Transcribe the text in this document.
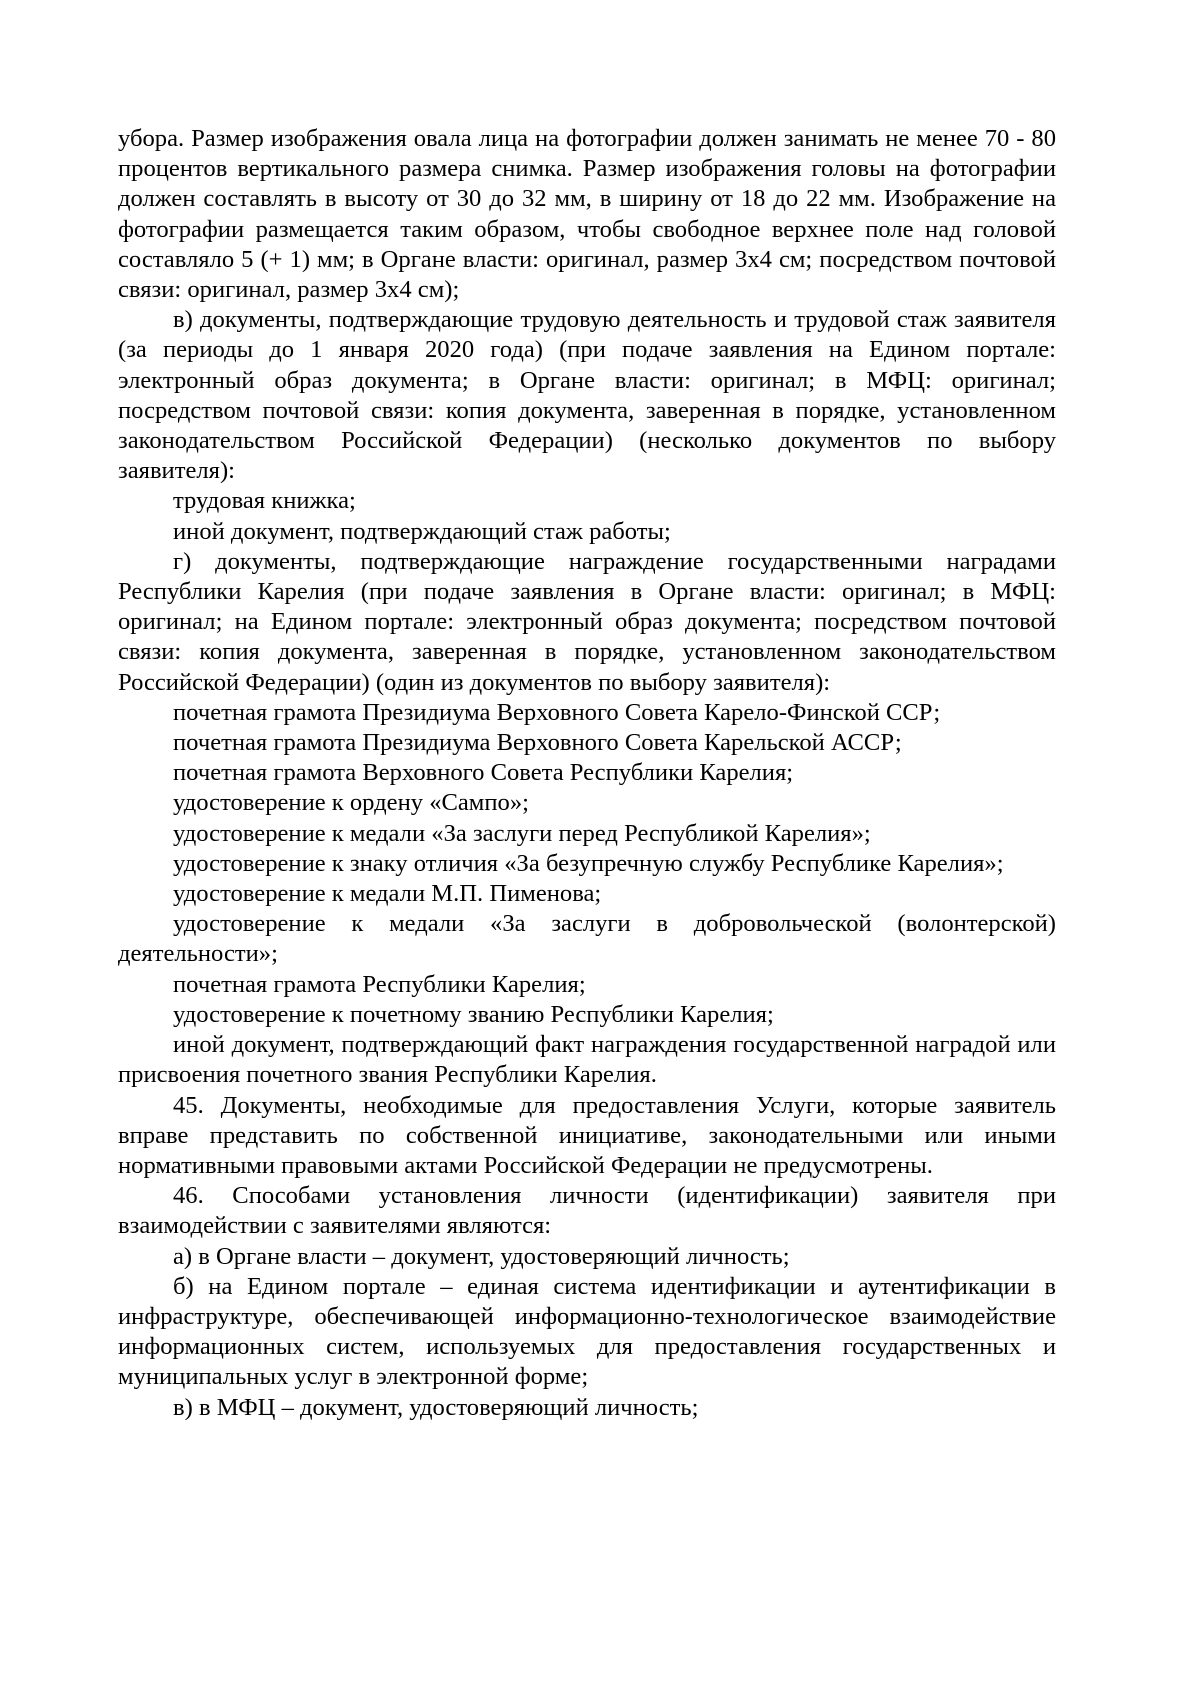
убора. Размер изображения овала лица на фотографии должен занимать не менее 70 - 80 процентов вертикального размера снимка. Размер изображения головы на фотографии должен составлять в высоту от 30 до 32 мм, в ширину от 18 до 22 мм. Изображение на фотографии размещается таким образом, чтобы свободное верхнее поле над головой составляло 5 (+ 1) мм; в Органе власти: оригинал, размер 3х4 см; посредством почтовой связи: оригинал, размер 3х4 см);

в) документы, подтверждающие трудовую деятельность и трудовой стаж заявителя (за периоды до 1 января 2020 года) (при подаче заявления на Едином портале: электронный образ документа; в Органе власти: оригинал; в МФЦ: оригинал; посредством почтовой связи: копия документа, заверенная в порядке, установленном законодательством Российской Федерации) (несколько документов по выбору заявителя):

трудовая книжка;

иной документ, подтверждающий стаж работы;

г) документы, подтверждающие награждение государственными наградами Республики Карелия (при подаче заявления в Органе власти: оригинал; в МФЦ: оригинал; на Едином портале: электронный образ документа; посредством почтовой связи: копия документа, заверенная в порядке, установленном законодательством Российской Федерации) (один из документов по выбору заявителя):

почетная грамота Президиума Верховного Совета Карело-Финской ССР;

почетная грамота Президиума Верховного Совета Карельской АССР;

почетная грамота Верховного Совета Республики Карелия;

удостоверение к ордену «Сампо»;

удостоверение к медали «За заслуги перед Республикой Карелия»;

удостоверение к знаку отличия «За безупречную службу Республике Карелия»;

удостоверение к медали М.П. Пименова;

удостоверение к медали «За заслуги в добровольческой (волонтерской) деятельности»;

почетная грамота Республики Карелия;

удостоверение к почетному званию Республики Карелия;

иной документ, подтверждающий факт награждения государственной наградой или присвоения почетного звания Республики Карелия.

45. Документы, необходимые для предоставления Услуги, которые заявитель вправе представить по собственной инициативе, законодательными или иными нормативными правовыми актами Российской Федерации не предусмотрены.

46. Способами установления личности (идентификации) заявителя при взаимодействии с заявителями являются:

а) в Органе власти – документ, удостоверяющий личность;

б) на Едином портале – единая система идентификации и аутентификации в инфраструктуре, обеспечивающей информационно-технологическое взаимодействие информационных систем, используемых для предоставления государственных и муниципальных услуг в электронной форме;

в) в МФЦ – документ, удостоверяющий личность;
